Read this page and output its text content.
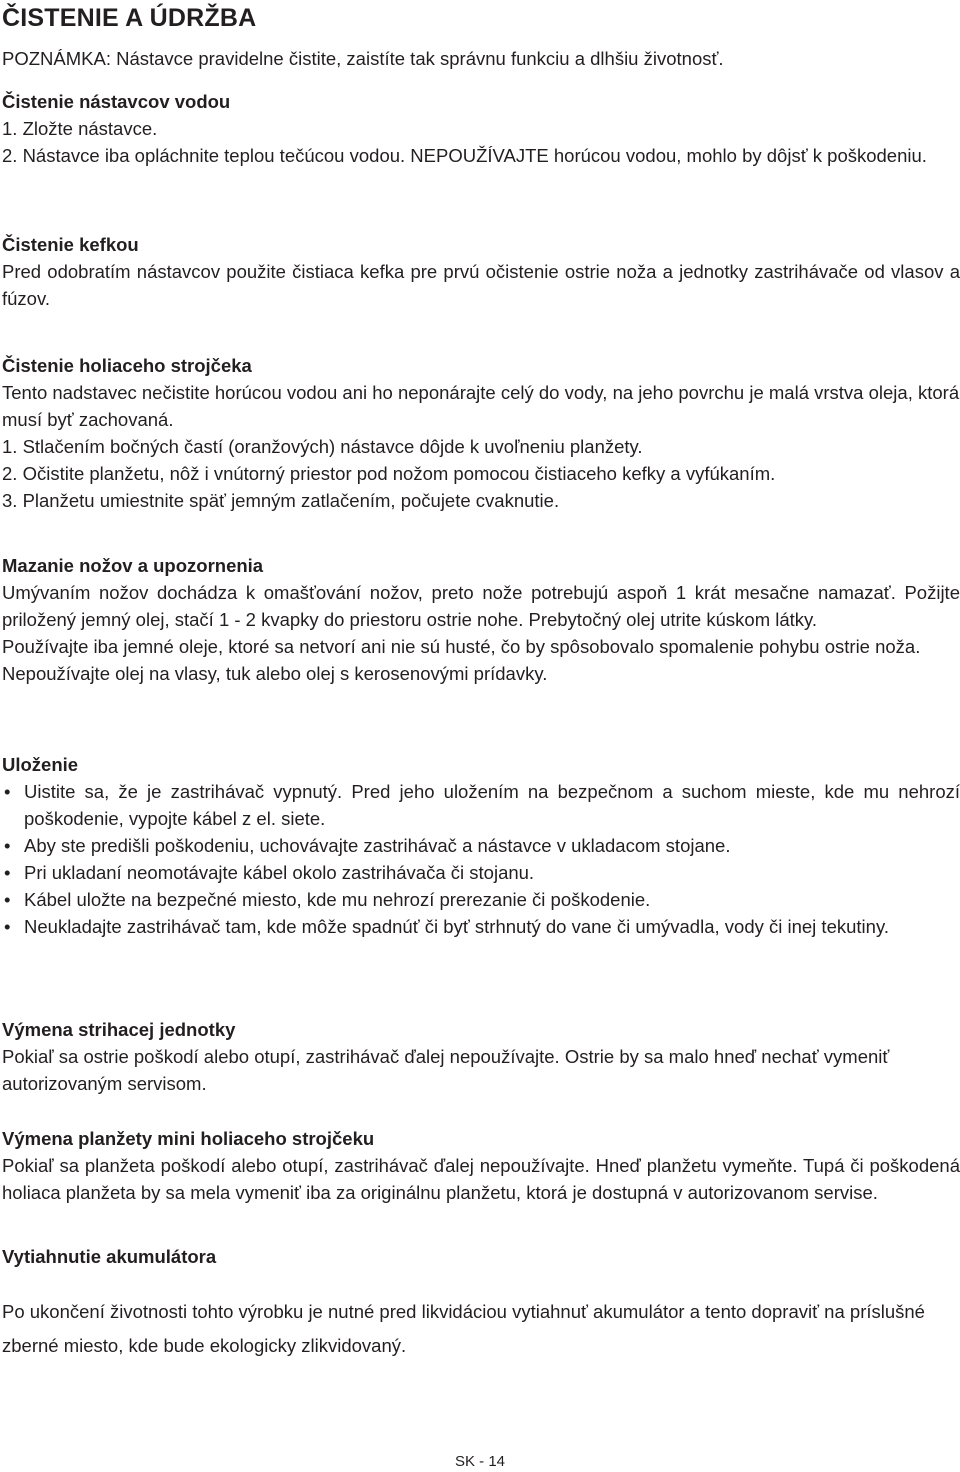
ČISTENIE A ÚDRŽBA

POZNÁMKA: Nástavce pravidelne čistite, zaistíte tak správnu funkciu a dlhšiu životnosť.

Čistenie nástavcov vodou

1. Zložte nástavce.

2. Nástavce iba opláchnite teplou tečúcou vodou. NEPOUŽÍVAJTE horúcou vodou, mohlo by dôjsť k poškodeniu.

Čistenie kefkou

Pred odobratím nástavcov použite čistiaca kefka pre prvú očistenie ostrie noža a jednotky zastrihávače od vlasov a fúzov.

Čistenie holiaceho strojčeka

Tento nadstavec nečistite horúcou vodou ani ho neponárajte celý do vody, na jeho povrchu je malá vrstva oleja, ktorá musí byť zachovaná.

1. Stlačením bočných častí (oranžových) nástavce dôjde k uvoľneniu planžety.

2. Očistite planžetu, nôž i vnútorný priestor pod nožom pomocou čistiaceho kefky a vyfúkaním.

3. Planžetu umiestnite späť jemným zatlačením, počujete cvaknutie.

Mazanie nožov a upozornenia

Umývaním nožov dochádza k omašťování nožov, preto nože potrebujú aspoň 1 krát mesačne namazať. Požijte priložený jemný olej, stačí 1 - 2 kvapky do priestoru ostrie nohe. Prebytočný olej utrite kúskom látky.

Používajte iba jemné oleje, ktoré sa netvorí ani nie sú husté, čo by spôsobovalo spomalenie pohybu ostrie noža.

Nepoužívajte olej na vlasy, tuk alebo olej s kerosenovými prídavky.

Uloženie

• Uistite sa, že je zastrihávač vypnutý. Pred jeho uložením na bezpečnom a suchom mieste, kde mu nehrozí poškodenie, vypojte kábel z el. siete.
• Aby ste predišli poškodeniu, uchovávajte zastrihávač a nástavce v ukladacom stojane.
• Pri ukladaní neomotávajte kábel okolo zastrihávača či stojanu.
• Kábel uložte na bezpečné miesto, kde mu nehrozí prerezanie či poškodenie.
• Neukladajte zastrihávač tam, kde môže spadnúť či byť strhnutý do vane či umývadla, vody či inej tekutiny.

Výmena strihacej jednotky

Pokiaľ sa ostrie poškodí alebo otupí, zastrihávač ďalej nepoužívajte. Ostrie by sa malo hneď nechať vymeniť autorizovaným servisom.

Výmena planžety mini holiaceho strojčeku

Pokiaľ sa planžeta poškodí alebo otupí, zastrihávač ďalej nepoužívajte. Hneď planžetu vymeňte. Tupá či poškodená holiaca planžeta by sa mela vymeniť iba za originálnu planžetu, ktorá je dostupná v autorizovanom servise.

Vytiahnutie akumulátora

Po ukončení životnosti tohto výrobku je nutné pred likvidáciou vytiahnuť akumulátor a tento dopraviť na príslušné zberné miesto, kde bude ekologicky zlikvidovaný.

SK - 14
